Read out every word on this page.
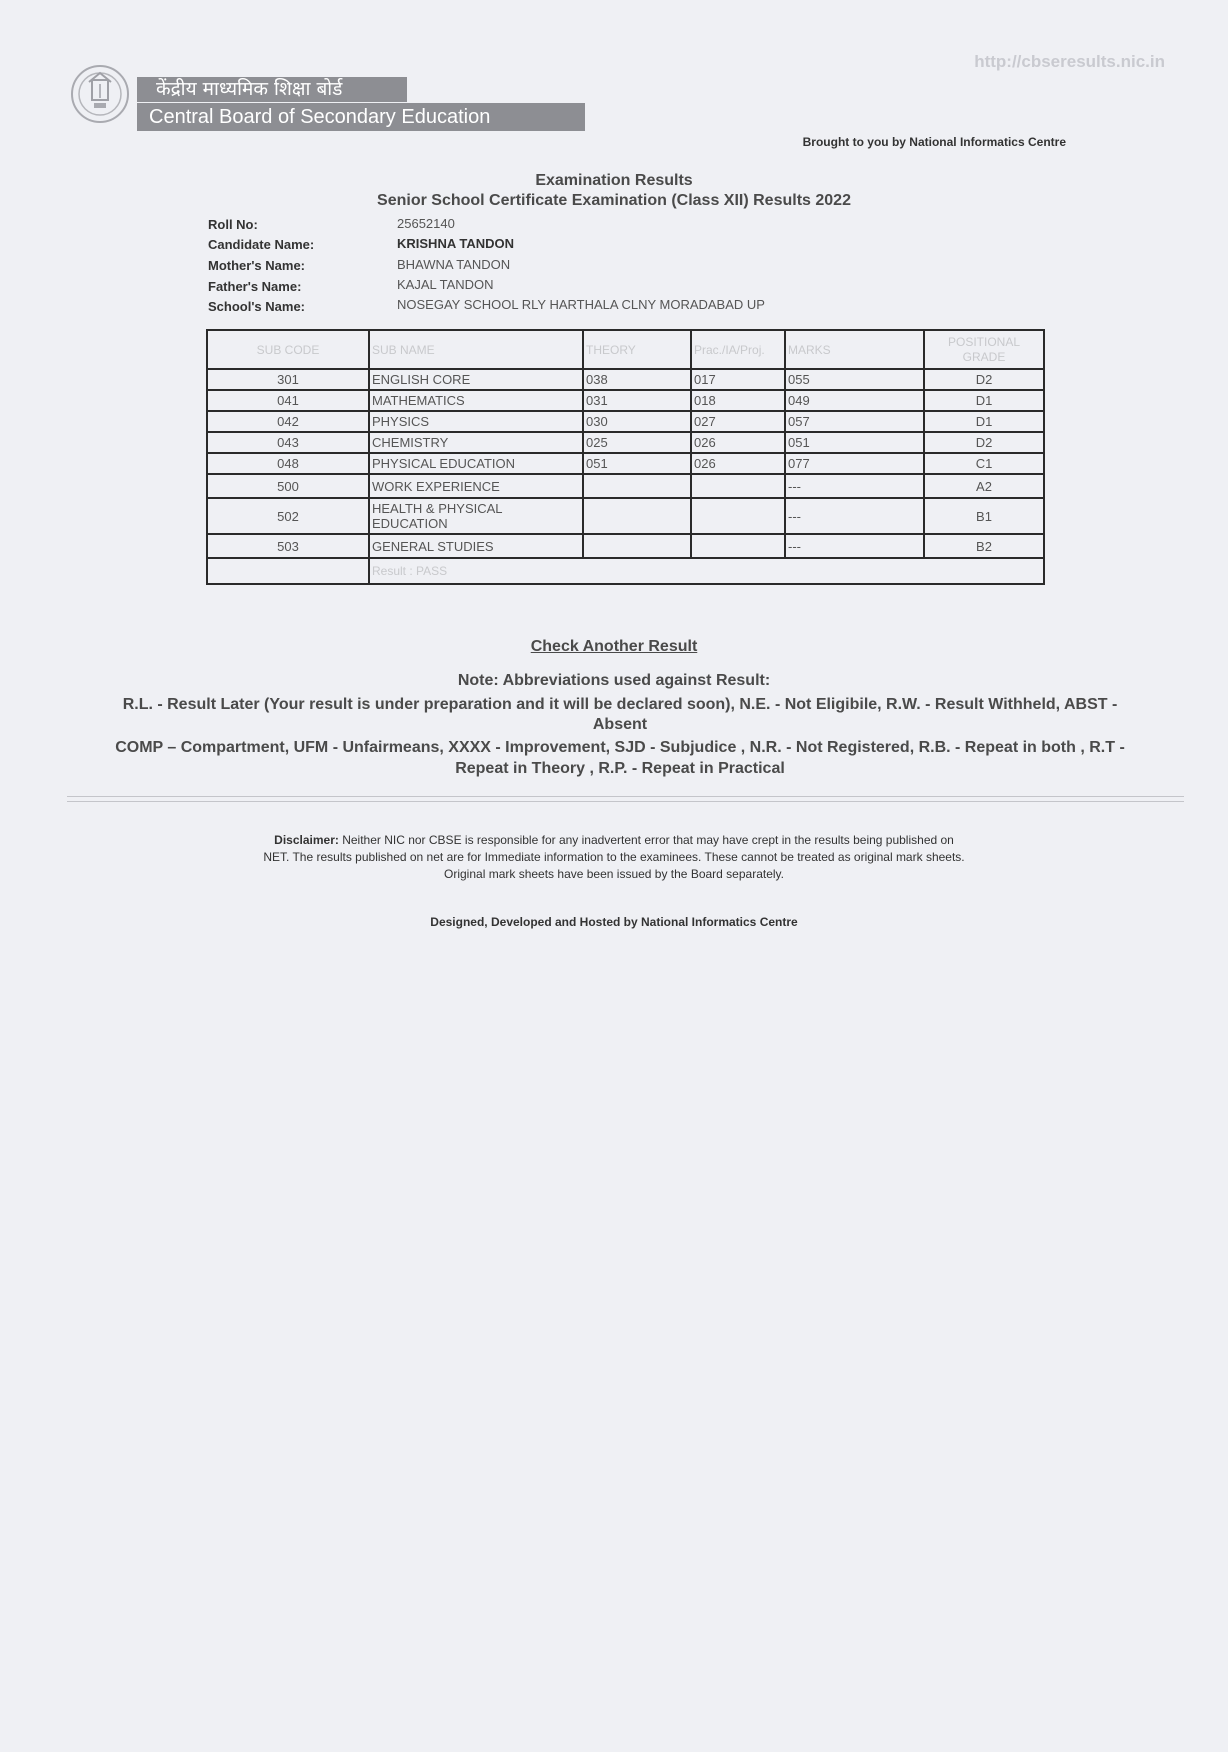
केंद्रीय माध्यमिक शिक्षा बोर्ड
Central Board of Secondary Education
http://cbseresults.nic.in
Brought to you by National Informatics Centre
Examination Results
Senior School Certificate Examination (Class XII) Results 2022
Roll No:	25652140
Candidate Name:	KRISHNA TANDON
Mother's Name:	BHAWNA TANDON
Father's Name:	KAJAL TANDON
School's Name:	NOSEGAY SCHOOL RLY HARTHALA CLNY MORADABAD UP
SUB CODE	SUB NAME	THEORY	Prac./IA/Proj.	MARKS	POSITIONAL GRADE
301	ENGLISH CORE	038	017	055	D2
041	MATHEMATICS	031	018	049	D1
042	PHYSICS	030	027	057	D1
043	CHEMISTRY	025	026	051	D2
048	PHYSICAL EDUCATION	051	026	077	C1
500	WORK EXPERIENCE			---	A2
502	HEALTH & PHYSICAL EDUCATION			---	B1
503	GENERAL STUDIES			---	B2
	Result : PASS				
Check Another Result
Note: Abbreviations used against Result:
R.L. - Result Later (Your result is under preparation and it will be declared soon), N.E. - Not Eligibile, R.W. - Result Withheld, ABST -
Absent
COMP – Compartment, UFM - Unfairmeans, XXXX - Improvement, SJD - Subjudice , N.R. - Not Registered, R.B. - Repeat in both , R.T -
Repeat in Theory , R.P. - Repeat in Practical
Disclaimer: Neither NIC nor CBSE is responsible for any inadvertent error that may have crept in the results being published on
NET. The results published on net are for Immediate information to the examinees. These cannot be treated as original mark sheets.
Original mark sheets have been issued by the Board separately.
Designed, Developed and Hosted by National Informatics Centre
